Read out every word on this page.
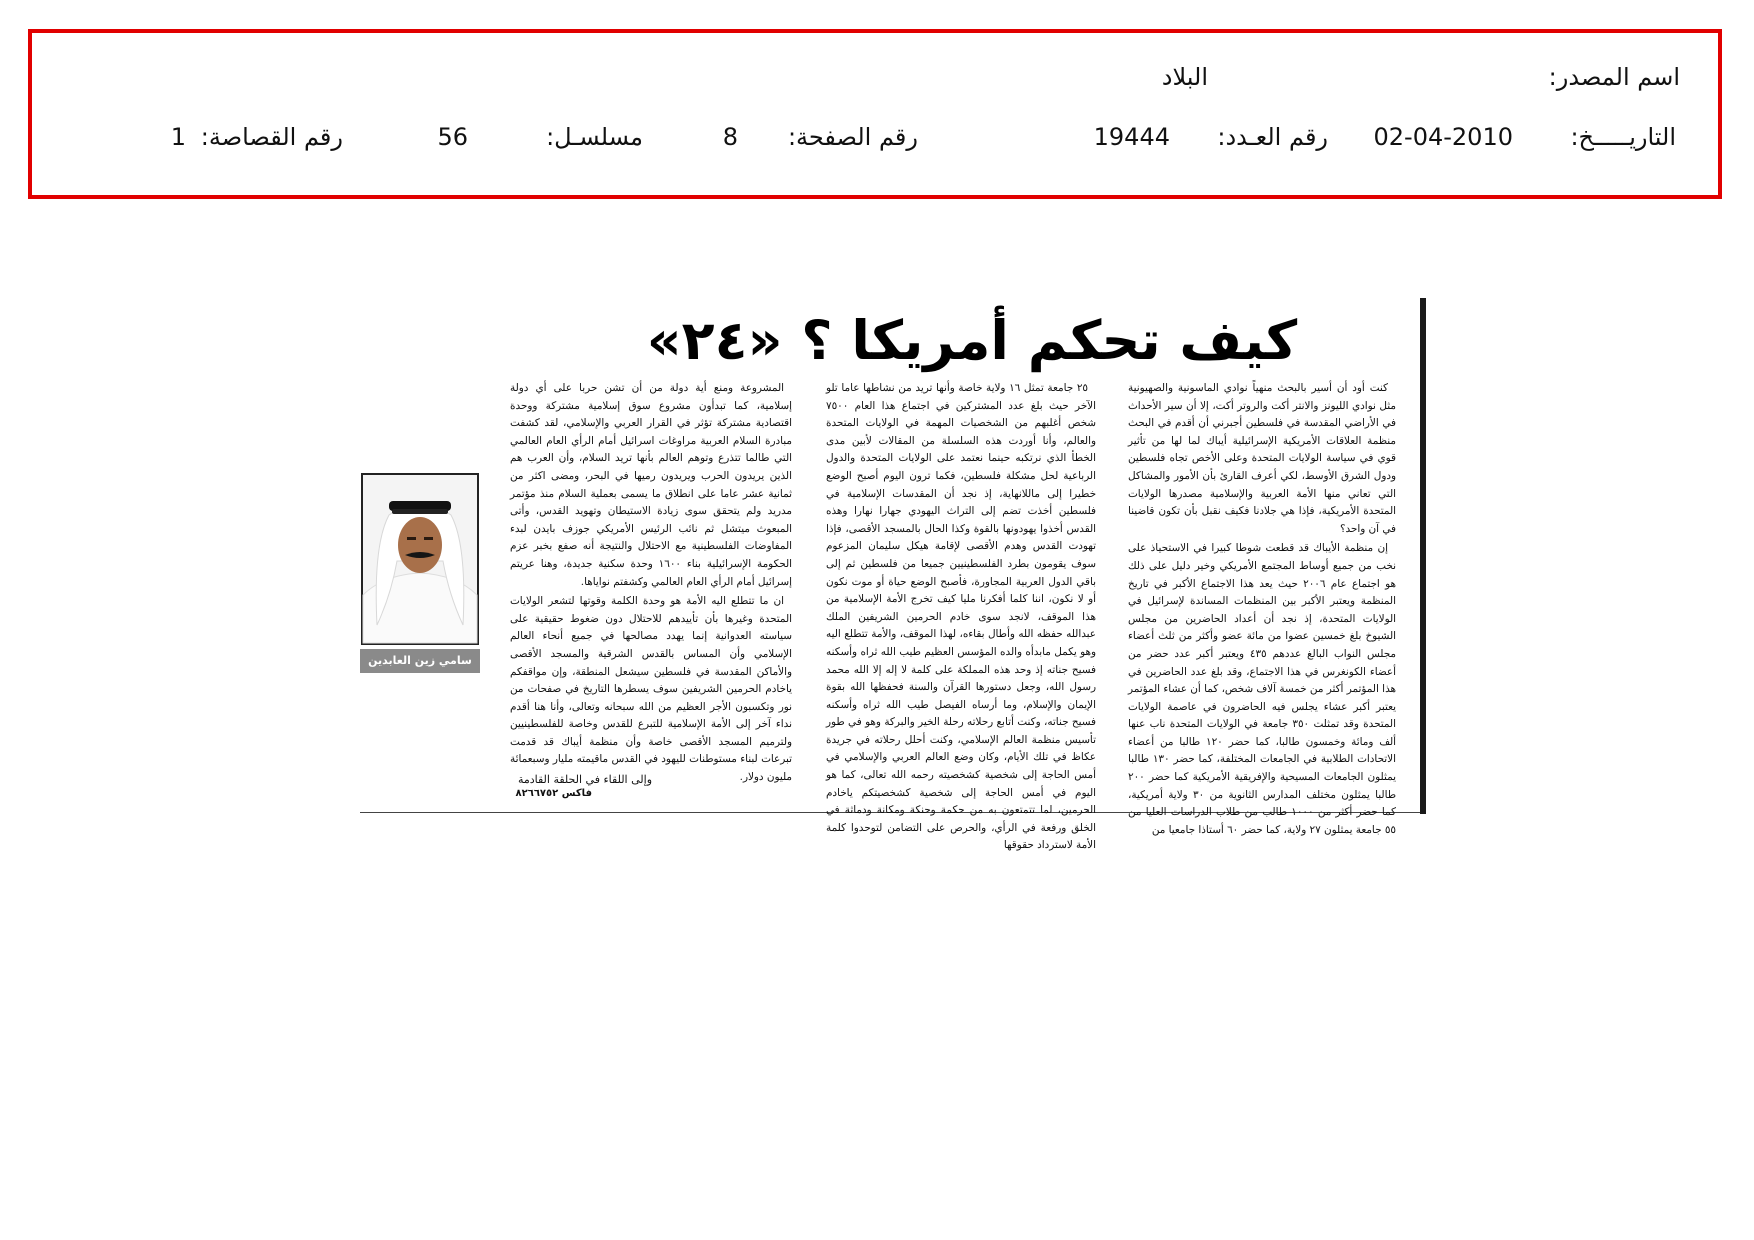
اسم المصدر:
البلاد
التاريـــــخ:
02-04-2010
رقم العـدد:
19444
رقم الصفحة:
8
مسلسـل:
56
رقم القصاصة:
1
كيف تحكم أمريكا ؟ «٢٤»

كنت أود أن أسير بالبحث منهياً نوادي الماسونية والصهيونية مثل نوادي الليونز والانتر أكت والروتر أكت، إلا أن سير الأحداث في الأراضي المقدسة في فلسطين أجبرني أن أقدم في البحث منظمة العلاقات الأمريكية الإسرائيلية أيباك لما لها من تأثير قوي في سياسة الولايات المتحدة وعلى الأخص تجاه فلسطين ودول الشرق الأوسط، لكي أعرف القارئ بأن الأمور والمشاكل التي تعاني منها الأمة العربية والإسلامية مصدرها الولايات المتحدة الأمريكية، فإذا هي جلادنا فكيف نقبل بأن تكون قاضينا في آن واحد؟

إن منظمة الأيباك قد قطعت شوطا كبيرا في الاستحياذ على نخب من جميع أوساط المجتمع الأمريكي وخير دليل على ذلك هو اجتماع عام ٢٠٠٦ حيث يعد هذا الاجتماع الأكبر في تاريخ المنظمة ويعتبر الأكبر بين المنظمات المساندة لإسرائيل في الولايات المتحدة، إذ نجد أن أعداد الحاضرين من مجلس الشيوخ بلغ خمسين عضوا من مائة عضو وأكثر من ثلث أعضاء مجلس النواب البالغ عددهم ٤٣٥ ويعتبر أكبر عدد حضر من أعضاء الكونغرس في هذا الاجتماع، وقد بلغ عدد الحاضرين في هذا المؤتمر أكثر من خمسة آلاف شخص، كما أن عشاء المؤتمر يعتبر أكبر عشاء يجلس فيه الحاضرون في عاصمة الولايات المتحدة وقد تمثلت ٣٥٠ جامعة في الولايات المتحدة ناب عنها ألف ومائة وخمسون طالبا، كما حضر ١٢٠ طالبا من أعضاء الاتحادات الطلابية في الجامعات المختلفة، كما حضر ١٣٠ طالبا يمثلون الجامعات المسيحية والإفريقية الأمريكية كما حضر ٢٠٠ طالبا يمثلون مختلف المدارس الثانوية من ٣٠ ولاية أمريكية، كما حضر أكثر من ١٠٠٠ طالب من طلاب الدراسات العليا من ٥٥ جامعة يمثلون ٢٧ ولاية، كما حضر ٦٠ أستاذا جامعيا من

٢٥ جامعة تمثل ١٦ ولاية خاصة وأنها تريد من نشاطها عاما تلو الآخر حيث بلغ عدد المشتركين في اجتماع هذا العام ٧٥٠٠ شخص أغلبهم من الشخصيات المهمة في الولايات المتحدة والعالم، وأنا أوردت هذه السلسلة من المقالات لأبين مدى الخطأ الذي نرتكبه حينما نعتمد على الولايات المتحدة والدول الرباعية لحل مشكلة فلسطين، فكما ترون اليوم أصبح الوضع خطيرا إلى ماللانهاية، إذ نجد أن المقدسات الإسلامية في فلسطين أخذت تضم إلى التراث اليهودي جهارا نهارا وهذه القدس أخذوا يهودونها بالقوة وكذا الحال بالمسجد الأقصى، فإذا تهودت القدس وهدم الأقصى لإقامة هيكل سليمان المزعوم سوف يقومون بطرد الفلسطينيين جميعا من فلسطين ثم إلى باقي الدول العربية المجاورة، فأصبح الوضع حياة أو موت نكون أو لا نكون، اننا كلما أفكرنا مليا كيف تخرج الأمة الإسلامية من هذا الموقف، لانجد سوى خادم الحرمين الشريفين الملك عبدالله حفظه الله وأطال بقاءه، لهذا الموقف، والأمة تتطلع اليه وهو يكمل مابدأه والده المؤسس العظيم طيب الله ثراه وأسكنه فسيح جناته إذ وحد هذه المملكة على كلمة لا إله إلا الله محمد رسول الله، وجعل دستورها القرآن والسنة فحفظها الله بقوة الإيمان والإسلام، وما أرساه الفيصل طيب الله ثراه وأسكنه فسيح جناته، وكنت أتابع رحلاته رحلة الخير والبركة وهو في طور تأسيس منظمة العالم الإسلامي، وكنت أحلل رحلاته في جريدة عكاظ في تلك الأيام، وكان وضع العالم العربي والإسلامي في أمس الحاجة إلى شخصية كشخصيته رحمه الله تعالى، كما هو اليوم في أمس الحاجة إلى شخصية كشخصيتكم ياخادم الحرمين، لما تتمتعون به من حكمة وحنكة ومكانة ودماثة في الخلق ورفعة في الرأي، والحرص على التضامن لتوحدوا كلمة الأمة لاسترداد حقوقها

المشروعة ومنع أية دولة من أن تشن حربا على أي دولة إسلامية، كما تبدأون مشروع سوق إسلامية مشتركة ووحدة اقتصادية مشتركة تؤثر في القرار العربي والإسلامي، لقد كشفت مبادرة السلام العربية مراوغات اسرائيل أمام الرأي العام العالمي التي طالما تتذرع وتوهم العالم بأنها تريد السلام، وأن العرب هم الذين يريدون الحرب ويريدون رميها في البحر، ومضى اكثر من ثمانية عشر عاما على انطلاق ما يسمى بعملية السلام منذ مؤتمر مدريد ولم يتحقق سوى زيادة الاستيطان وتهويد القدس، وأتى المبعوث ميتشل ثم نائب الرئيس الأمريكي جوزف بايدن لبدء المفاوضات الفلسطينية مع الاحتلال والنتيجة أنه صفع بخبر عزم الحكومة الإسرائيلية بناء ١٦٠٠ وحدة سكنية جديدة، وهنا عريتم إسرائيل أمام الرأي العام العالمي وكشفتم نواياها.

ان ما تتطلع اليه الأمة هو وحدة الكلمة وقوتها لتشعر الولايات المتحدة وغيرها بأن تأييدهم للاحتلال دون ضغوط حقيقية على سياسته العدوانية إنما يهدد مصالحها في جميع أنحاء العالم الإسلامي وأن المساس بالقدس الشرقية والمسجد الأقصى والأماكن المقدسة في فلسطين سيشعل المنطقة، وإن مواقفكم ياخادم الحرمين الشريفين سوف يسطرها التاريخ في صفحات من نور وتكسبون الأجر العظيم من الله سبحانه وتعالى، وأنا هنا أقدم نداء آخر إلى الأمة الإسلامية للتبرع للقدس وخاصة للفلسطينيين ولترميم المسجد الأقصى خاصة وأن منظمة أيباك قد قدمت تبرعات لبناء مستوطنات لليهود في القدس ماقيمته مليار وسبعمائة مليون دولار.

وإلى اللقاء في الحلقة القادمة
فاكس ٨٢٦٦٧٥٢
سامي زين العابدين حماد
